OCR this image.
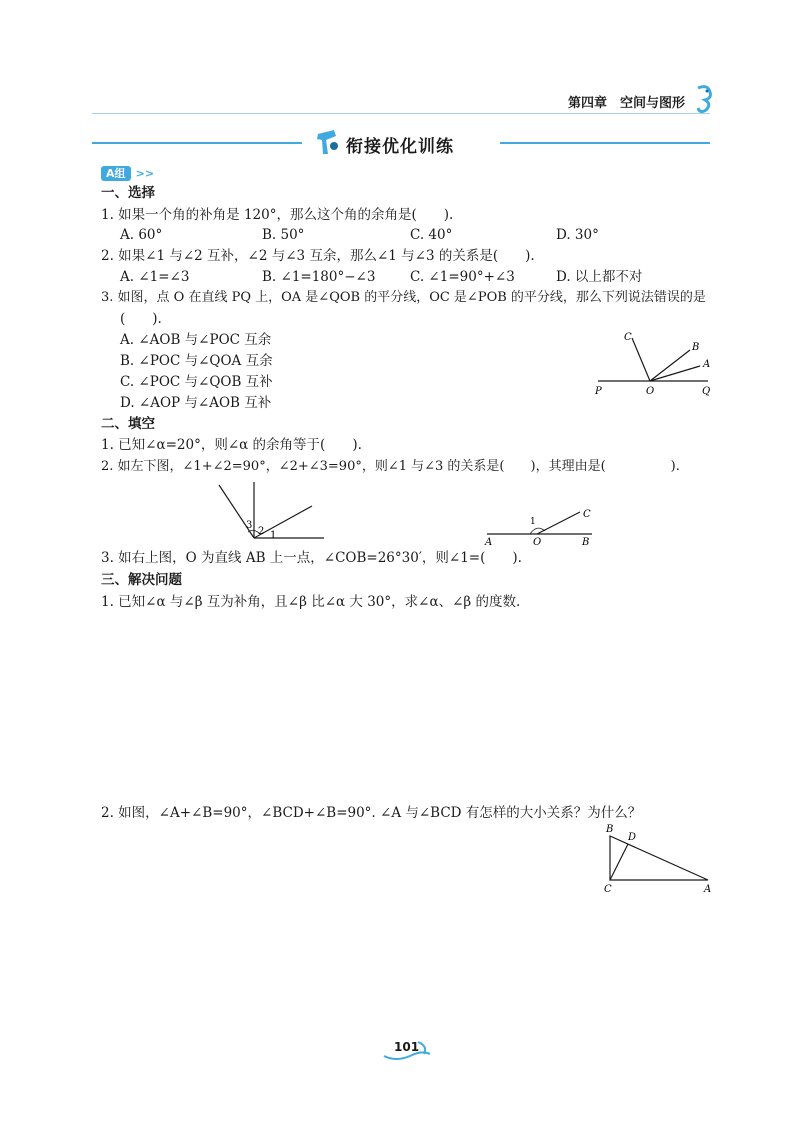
第四章　空间与图形
衔接优化训练
A组 >>
一、选择
1. 如果一个角的补角是 120°，那么这个角的余角是(　　).
A. 60°	B. 50°	C. 40°	D. 30°
2. 如果∠1 与∠2 互补，∠2 与∠3 互余，那么∠1 与∠3 的关系是(　　).
A. ∠1=∠3	B. ∠1=180°−∠3	C. ∠1=90°+∠3	D. 以上都不对
3. 如图，点 O 在直线 PQ 上，OA 是∠QOB 的平分线，OC 是∠POB 的平分线，那么下列说法错误的是
(　　).
A. ∠AOB 与∠POC 互余
B. ∠POC 与∠QOA 互余
C. ∠POC 与∠QOB 互补
D. ∠AOP 与∠AOB 互补
C
B
A
P	O	Q
二、填空
1. 已知∠α=20°，则∠α 的余角等于(　　).
2. 如左下图，∠1+∠2=90°，∠2+∠3=90°，则∠1 与∠3 的关系是(　　)，其理由是(　　　　　).
3
2 1
1
C
A	O	B
3. 如右上图，O 为直线 AB 上一点，∠COB=26°30′，则∠1=(　　).
三、解决问题
1. 已知∠α 与∠β 互为补角，且∠β 比∠α 大 30°，求∠α、∠β 的度数.
2. 如图，∠A+∠B=90°，∠BCD+∠B=90°. ∠A 与∠BCD 有怎样的大小关系？为什么？
B
D
C	A
101
